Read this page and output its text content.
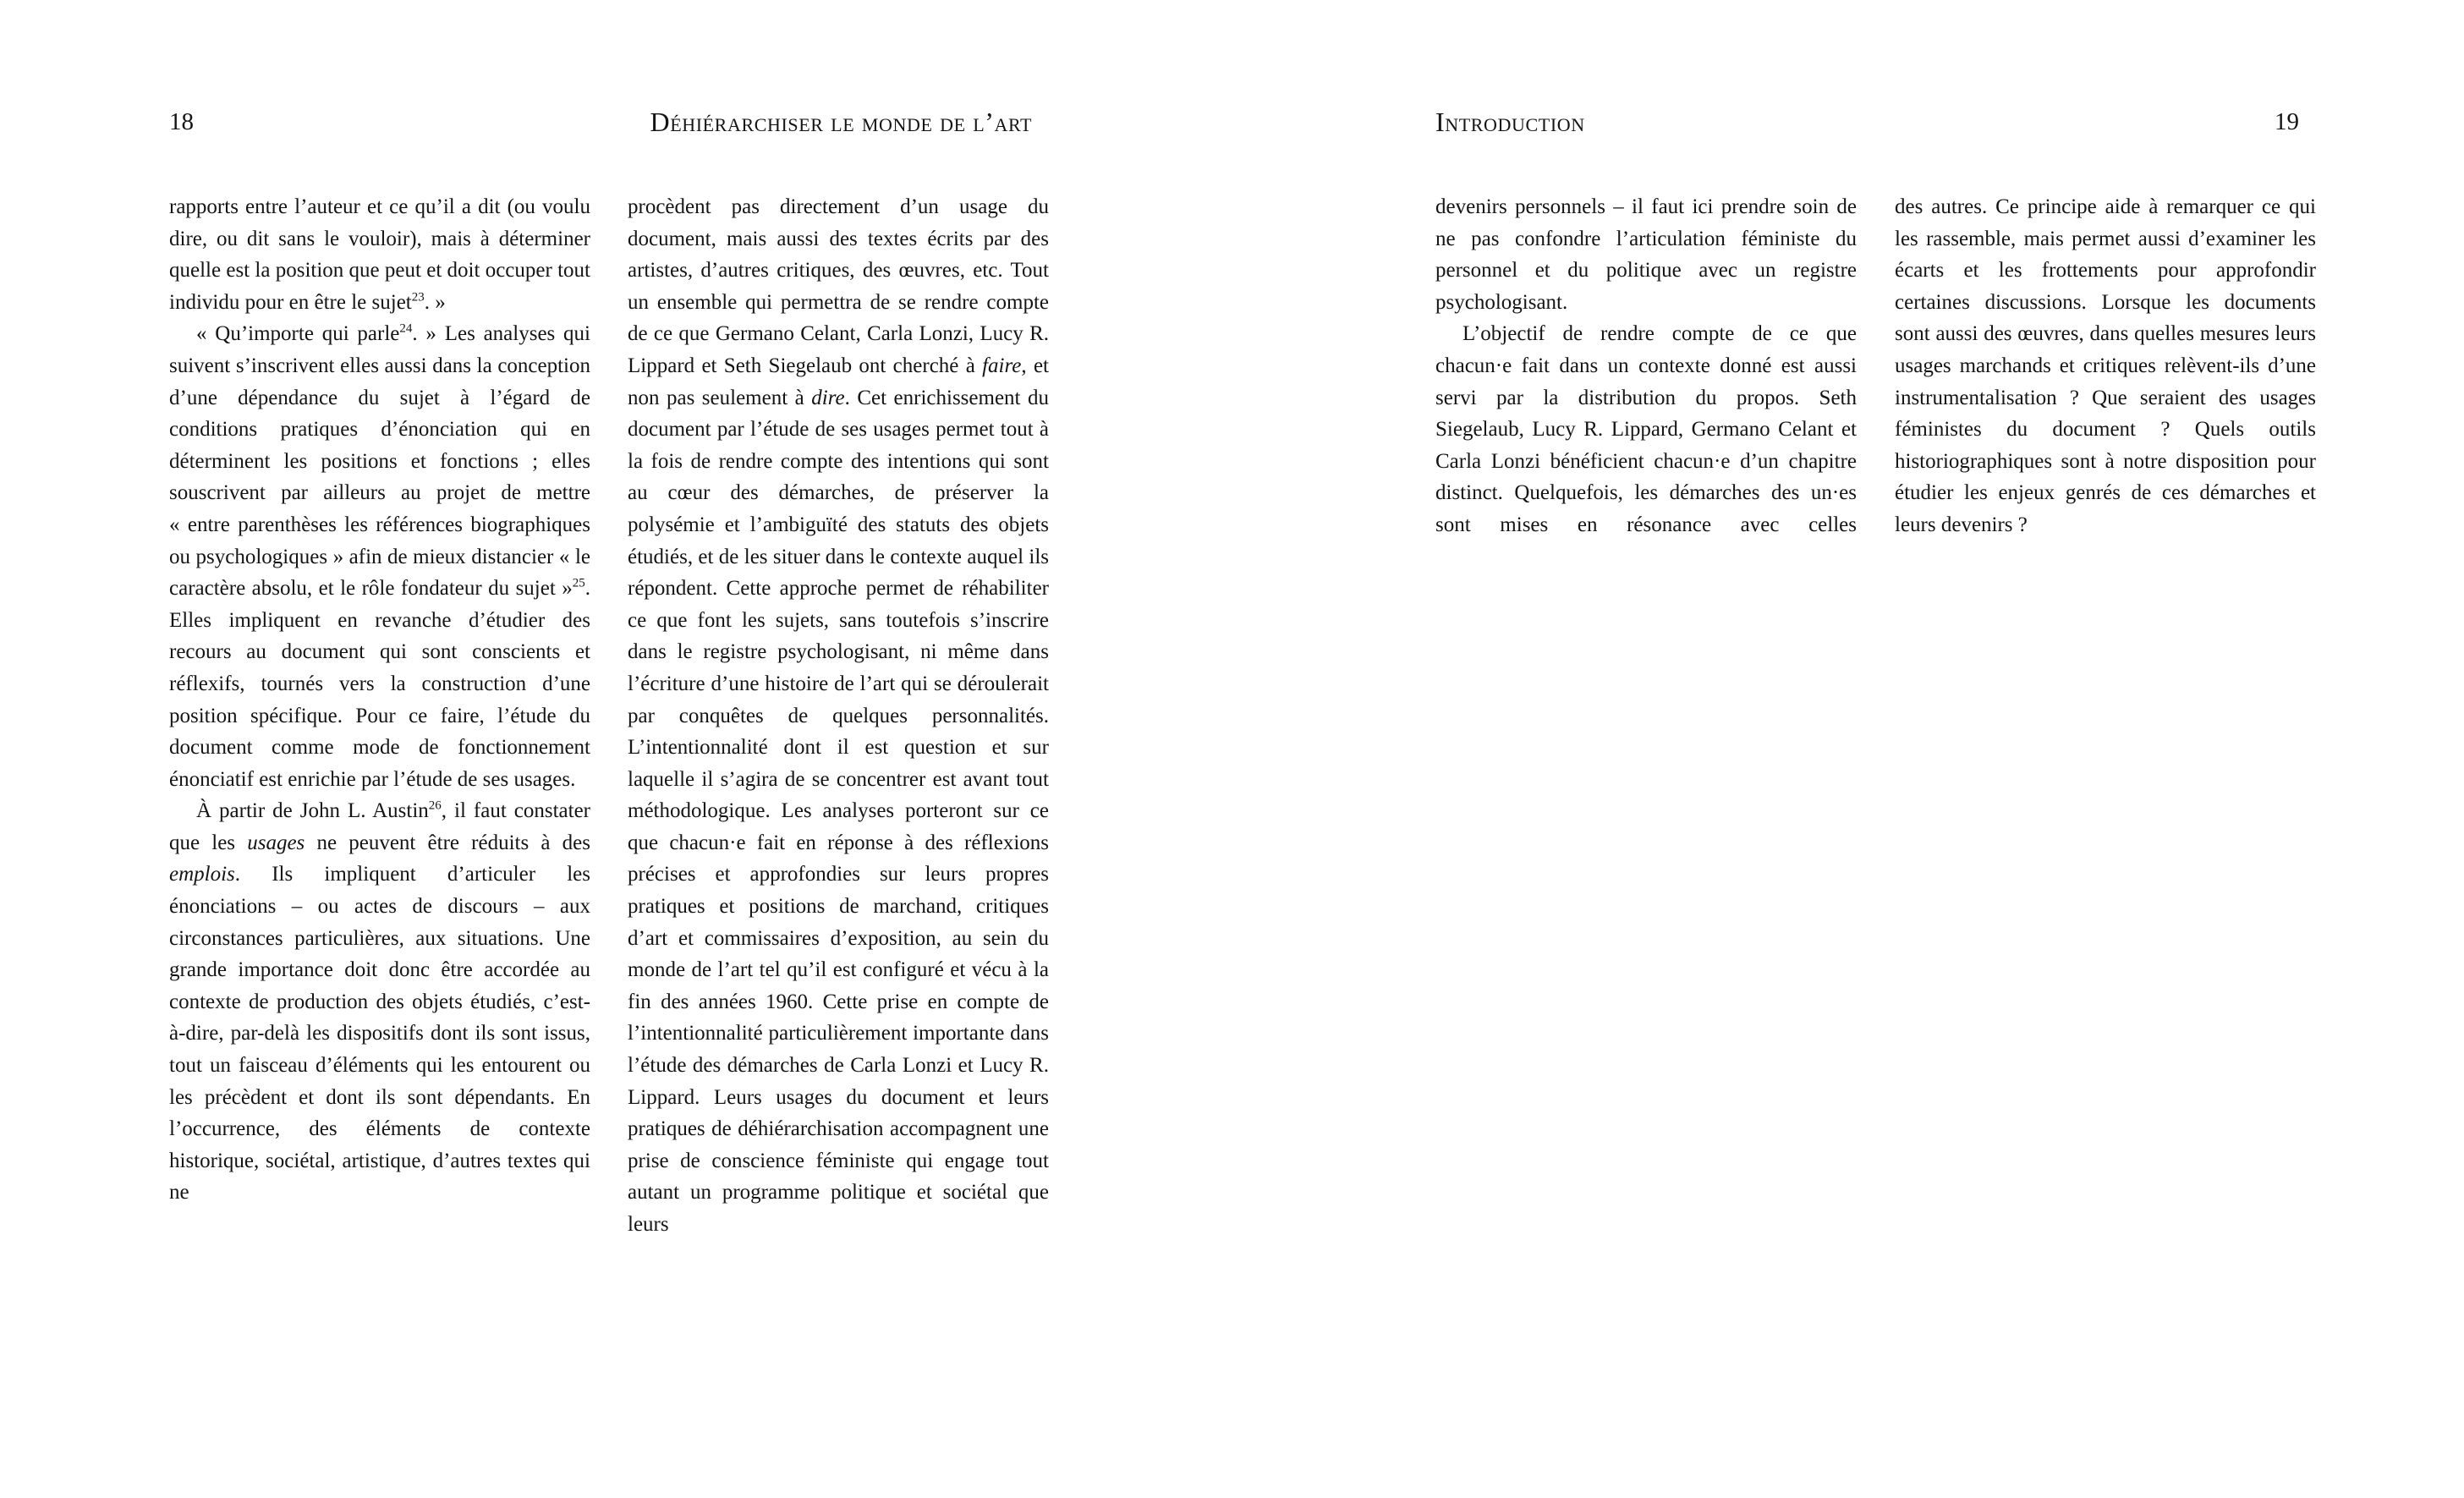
18	Déhiérarchiser le monde de l’art

rapports entre l’auteur et ce qu’il a dit (ou voulu dire, ou dit sans le vouloir), mais à déterminer quelle est la position que peut et doit occuper tout individu pour en être le sujet$^{23}$. »

« Qu’importe qui parle$^{24}$. » Les analyses qui suivent s’inscrivent elles aussi dans la conception d’une dépendance du sujet à l’égard de conditions pratiques d’énonciation qui en déterminent les positions et fonctions ; elles souscrivent par ailleurs au projet de mettre « entre parenthèses les références biographiques ou psychologiques » afin de mieux distancier « le caractère absolu, et le rôle fondateur du sujet »$^{25}$. Elles impliquent en revanche d’étudier des recours au document qui sont conscients et réflexifs, tournés vers la construction d’une position spécifique. Pour ce faire, l’étude du document comme mode de fonctionnement énonciatif est enrichie par l’étude de ses usages.

À partir de John L. Austin$^{26}$, il faut constater que les usages ne peuvent être réduits à des emplois. Ils impliquent d’articuler les énonciations – ou actes de discours – aux circonstances particulières, aux situations. Une grande importance doit donc être accordée au contexte de production des objets étudiés, c’est-à-dire, par-delà les dispositifs dont ils sont issus, tout un faisceau d’éléments qui les entourent ou les précèdent et dont ils sont dépendants. En l’occurrence, des éléments de contexte historique, sociétal, artistique, d’autres textes qui ne

procèdent pas directement d’un usage du document, mais aussi des textes écrits par des artistes, d’autres critiques, des œuvres, etc. Tout un ensemble qui permettra de se rendre compte de ce que Germano Celant, Carla Lonzi, Lucy R. Lippard et Seth Siegelaub ont cherché à faire, et non pas seulement à dire. Cet enrichissement du document par l’étude de ses usages permet tout à la fois de rendre compte des intentions qui sont au cœur des démarches, de préserver la polysémie et l’ambiguïté des statuts des objets étudiés, et de les situer dans le contexte auquel ils répondent. Cette approche permet de réhabiliter ce que font les sujets, sans toutefois s’inscrire dans le registre psychologisant, ni même dans l’écriture d’une histoire de l’art qui se déroulerait par conquêtes de quelques personnalités. L’intentionnalité dont il est question et sur laquelle il s’agira de se concentrer est avant tout méthodologique. Les analyses porteront sur ce que chacun·e fait en réponse à des réflexions précises et approfondies sur leurs propres pratiques et positions de marchand, critiques d’art et commissaires d’exposition, au sein du monde de l’art tel qu’il est configuré et vécu à la fin des années 1960. Cette prise en compte de l’intentionnalité particulièrement importante dans l’étude des démarches de Carla Lonzi et Lucy R. Lippard. Leurs usages du document et leurs pratiques de déhiérarchisation accompagnent une prise de conscience féministe qui engage tout autant un programme politique et sociétal que leurs

Introduction	19

devenirs personnels – il faut ici prendre soin de ne pas confondre l’articulation féministe du personnel et du politique avec un registre psychologisant.

L’objectif de rendre compte de ce que chacun·e fait dans un contexte donné est aussi servi par la distribution du propos. Seth Siegelaub, Lucy R. Lippard, Germano Celant et Carla Lonzi bénéficient chacun·e d’un chapitre distinct. Quelquefois, les démarches des un·es sont mises en résonance avec celles

des autres. Ce principe aide à remarquer ce qui les rassemble, mais permet aussi d’examiner les écarts et les frottements pour approfondir certaines discussions. Lorsque les documents sont aussi des œuvres, dans quelles mesures leurs usages marchands et critiques relèvent-ils d’une instrumentalisation ? Que seraient des usages féministes du document ? Quels outils historiographiques sont à notre disposition pour étudier les enjeux genrés de ces démarches et leurs devenirs ?
